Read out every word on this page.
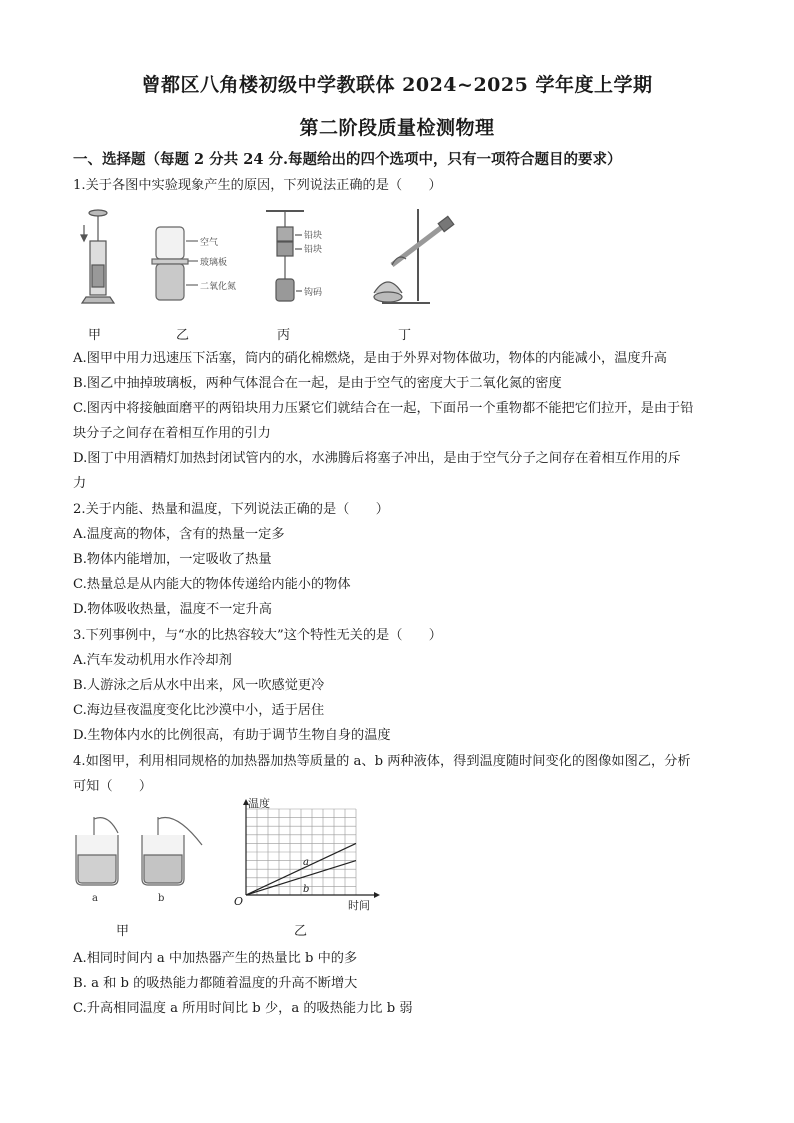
曾都区八角楼初级中学教联体 2024~2025 学年度上学期
第二阶段质量检测物理
一、选择题（每题 2 分共 24 分.每题给出的四个选项中，只有一项符合题目的要求）
1.关于各图中实验现象产生的原因，下列说法正确的是（　　）
空气
玻璃板
二氧化氮
铅块
铅块
钩码
甲	乙	丙	丁
A.图甲中用力迅速压下活塞，筒内的硝化棉燃烧，是由于外界对物体做功，物体的内能减小，温度升高
B.图乙中抽掉玻璃板，两种气体混合在一起，是由于空气的密度大于二氧化氮的密度
C.图丙中将接触面磨平的两铅块用力压紧它们就结合在一起，下面吊一个重物都不能把它们拉开，是由于铅
块分子之间存在着相互作用的引力
D.图丁中用酒精灯加热封闭试管内的水，水沸腾后将塞子冲出，是由于空气分子之间存在着相互作用的斥
力
2.关于内能、热量和温度，下列说法正确的是（　　）
A.温度高的物体，含有的热量一定多
B.物体内能增加，一定吸收了热量
C.热量总是从内能大的物体传递给内能小的物体
D.物体吸收热量，温度不一定升高
3.下列事例中，与“水的比热容较大”这个特性无关的是（　　）
A.汽车发动机用水作冷却剂
B.人游泳之后从水中出来，风一吹感觉更冷
C.海边昼夜温度变化比沙漠中小，适于居住
D.生物体内水的比例很高，有助于调节生物自身的温度
4.如图甲，利用相同规格的加热器加热等质量的 a、b 两种液体，得到温度随时间变化的图像如图乙，分析
可知（　　）
a	b
a
b
温度
时间
O
甲	乙
A.相同时间内 a 中加热器产生的热量比 b 中的多
B. a 和 b 的吸热能力都随着温度的升高不断增大
C.升高相同温度 a 所用时间比 b 少，a 的吸热能力比 b 弱
